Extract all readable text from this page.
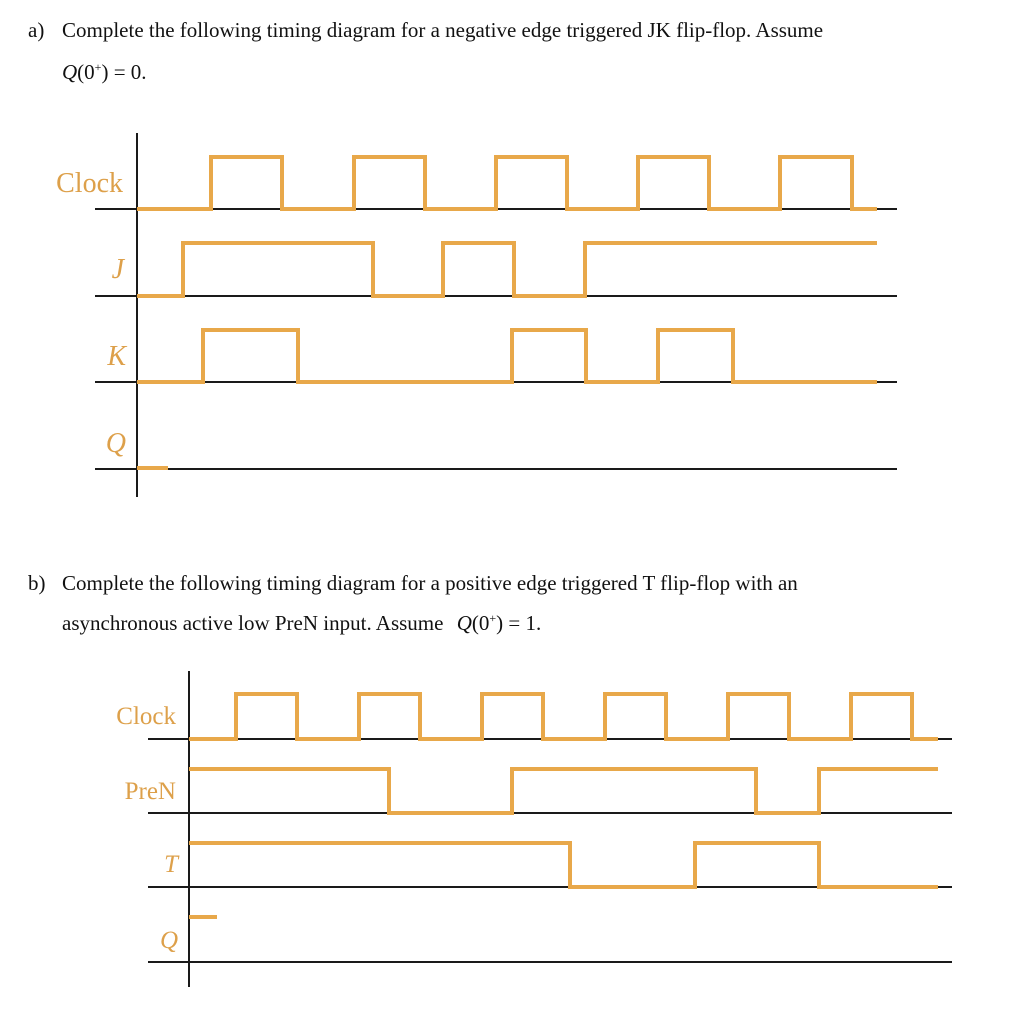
a) Complete the following timing diagram for a negative edge triggered JK flip-flop. Assume
Q(0+) = 0.
b) Complete the following timing diagram for a positive edge triggered T flip-flop with an
asynchronous active low PreN input. Assume Q(0+) = 1.
Clock
J
K
Q
Clock
PreN
T
Q
